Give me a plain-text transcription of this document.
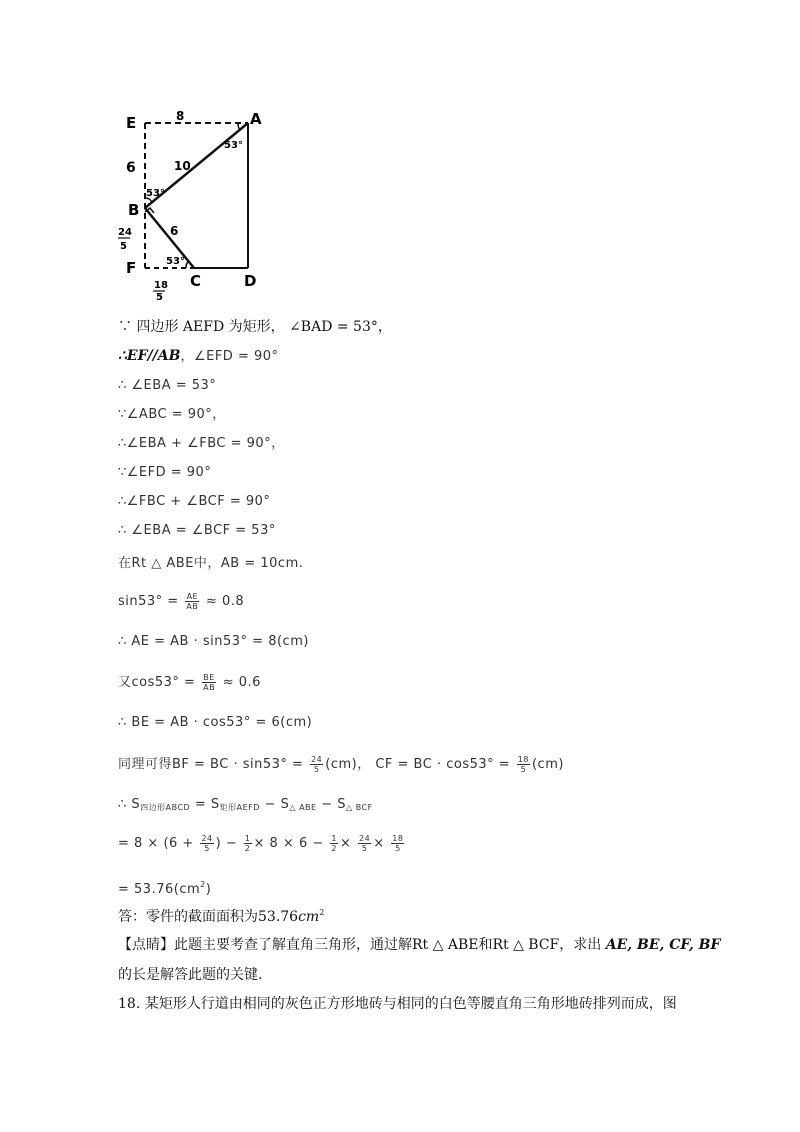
E	A
B
F
C	D
8
6	10
6
53°
53°
53°
24
5
18
5
∵ 四边形 AEFD 为矩形， ∠BAD = 53°，
∴EF//AB，∠EFD = 90°
∴ ∠EBA = 53°
∵∠ABC = 90°，
∴∠EBA + ∠FBC = 90°，
∵∠EFD = 90°
∴∠FBC + ∠BCF = 90°
∴ ∠EBA = ∠BCF = 53°
在Rt △ ABE中，AB = 10cm.
$\sin 53^\circ = \frac{AE}{AB} \approx 0.8$
∴ AE = AB · sin53° = 8(cm)
又$\cos 53^\circ = \frac{BE}{AB} \approx 0.6$
∴ BE = AB · cos53° = 6(cm)
同理可得BF = BC · $\sin 53^\circ = \frac{24}{5} (cm)$， CF = BC · $\cos 53^\circ = \frac{18}{5} (cm)$
∴ $S_{四边形ABCD} = S_{矩形AEFD} - S_{\triangle ABE} - S_{\triangle BCF}$
= $8 \times (6 + \frac{24}{5}$ ) − $\frac{1}{2} \times 8 \times 6 - \frac{1}{2} \times \frac{24}{5} \times \frac{18}{5}$
= $53.76(cm^2)$
答：零件的截面面积为$53.76cm^2$
【点睛】此题主要考查了解直角三角形，通过解Rt △ ABE和Rt △ BCF，求出 AE, BE, CF, BF
的长是解答此题的关键.
18. 某矩形人行道由相同的灰色正方形地砖与相同的白色等腰直角三角形地砖排列而成，图
